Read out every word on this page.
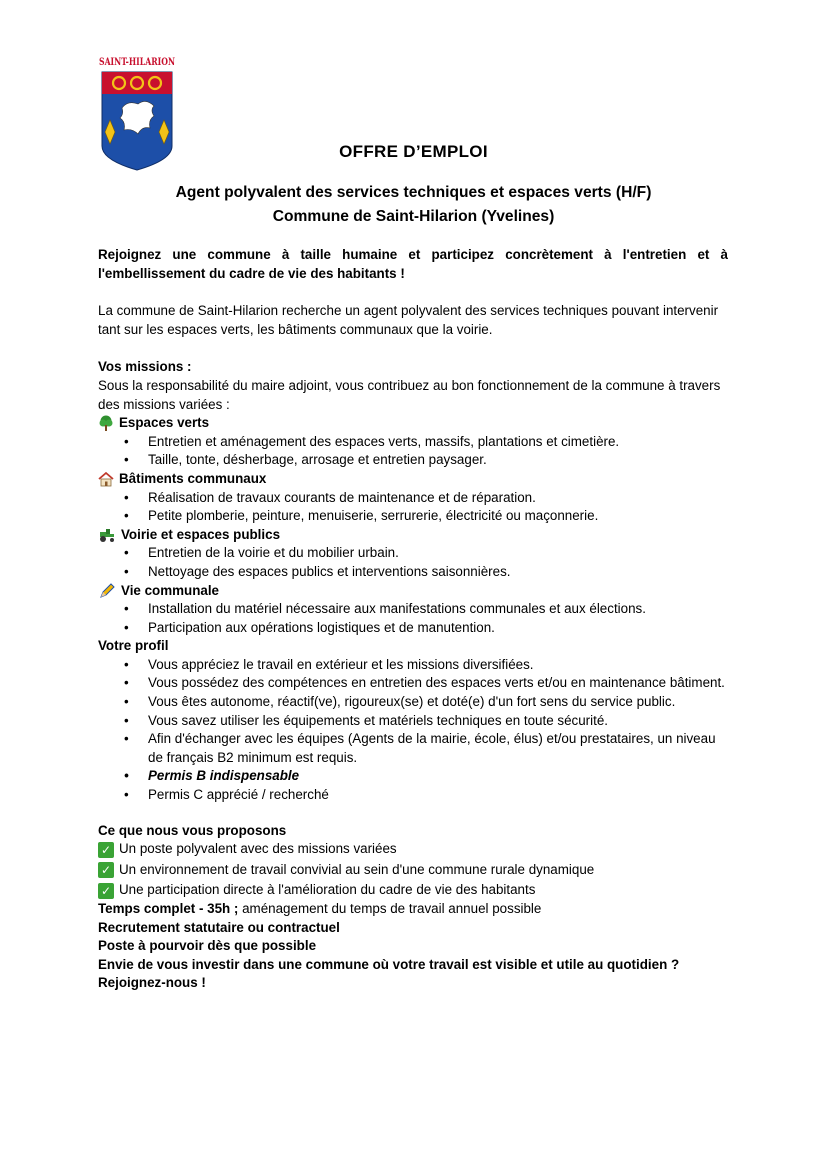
SAINT-HILARION
OFFRE D’EMPLOI
Agent polyvalent des services techniques et espaces verts (H/F)
Commune de Saint-Hilarion (Yvelines)

Rejoignez une commune à taille humaine et participez concrètement à l'entretien et à l'embellissement du cadre de vie des habitants !

La commune de Saint-Hilarion recherche un agent polyvalent des services techniques pouvant intervenir tant sur les espaces verts, les bâtiments communaux que la voirie.

Vos missions :

Sous la responsabilité du maire adjoint, vous contribuez au bon fonctionnement de la commune à travers des missions variées :

Espaces verts
• Entretien et aménagement des espaces verts, massifs, plantations et cimetière.
• Taille, tonte, désherbage, arrosage et entretien paysager.
Bâtiments communaux
• Réalisation de travaux courants de maintenance et de réparation.
• Petite plomberie, peinture, menuiserie, serrurerie, électricité ou maçonnerie.
Voirie et espaces publics
• Entretien de la voirie et du mobilier urbain.
• Nettoyage des espaces publics et interventions saisonnières.
Vie communale
• Installation du matériel nécessaire aux manifestations communales et aux élections.
• Participation aux opérations logistiques et de manutention.

Votre profil

• Vous appréciez le travail en extérieur et les missions diversifiées.
• Vous possédez des compétences en entretien des espaces verts et/ou en maintenance bâtiment.
• Vous êtes autonome, réactif(ve), rigoureux(se) et doté(e) d'un fort sens du service public.
• Vous savez utiliser les équipements et matériels techniques en toute sécurité.
• Afin d'échanger avec les équipes (Agents de la mairie, école, élus) et/ou prestataires, un niveau de français B2 minimum est requis.
• Permis B indispensable
• Permis C apprécié / recherché

Ce que nous vous proposons

✓ Un poste polyvalent avec des missions variées
✓ Un environnement de travail convivial au sein d'une commune rurale dynamique
✓ Une participation directe à l'amélioration du cadre de vie des habitants

Temps complet - 35h ; aménagement du temps de travail annuel possible

Recrutement statutaire ou contractuel

Poste à pourvoir dès que possible

Envie de vous investir dans une commune où votre travail est visible et utile au quotidien ?

Rejoignez-nous !
